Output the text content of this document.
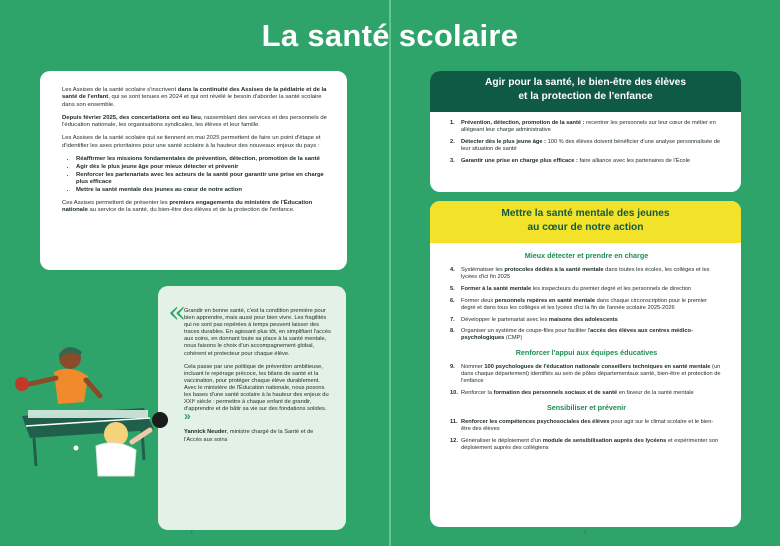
La santé scolaire

Les Assises de la santé scolaire s'inscrivent dans la continuité des Assises de la pédiatrie et de la santé de l'enfant, qui se sont tenues en 2024 et qui ont révélé le besoin d'aborder la santé scolaire dans son ensemble.

Depuis février 2025, des concertations ont eu lieu, rassemblant des services et des personnels de l'éducation nationale, les organisations syndicales, les élèves et leur famille.

Les Assises de la santé scolaire qui se tiennent en mai 2025 permettent de faire un point d'étape et d'identifier les axes prioritaires pour une santé scolaire à la hauteur des nouveaux enjeux du pays :

• Réaffirmer les missions fondamentales de prévention, détection, promotion de la santé
• Agir dès le plus jeune âge pour mieux détecter et prévenir
• Renforcer les partenariats avec les acteurs de la santé pour garantir une prise en charge plus efficace
• Mettre la santé mentale des jeunes au cœur de notre action

Ces Assises permettent de présenter les premiers engagements du ministère de l'Éducation nationale au service de la santé, du bien-être des élèves et de la protection de l'enfance.

«

Grandir en bonne santé, c'est la condition première pour bien apprendre, mais aussi pour bien vivre. Les fragilités qui ne sont pas repérées à temps peuvent laisser des traces durables. En agissant plus tôt, en simplifiant l'accès aux soins, en donnant toute sa place à la santé mentale, nous faisons le choix d'un accompagnement global, cohérent et protecteur pour chaque élève.

Cela passe par une politique de prévention ambitieuse, incluant le repérage précoce, les bilans de santé et la vaccination, pour protéger chaque élève durablement. Avec le ministère de l'Éducation nationale, nous posons les bases d'une santé scolaire à la hauteur des enjeux du XXIᵉ siècle : permettre à chaque enfant de grandir, d'apprendre et de bâtir sa vie sur des fondations solides. »

Yannick Neuder, ministre chargé de la Santé et de l'Accès aux soins

4	5
Agir pour la santé, le bien-être des élèves
et la protection de l'enfance
1.	Prévention, détection, promotion de la santé : recentrer les personnels sur leur cœur de métier en allégeant leur charge administrative
2.	Détecter dès le plus jeune âge : 100 % des élèves doivent bénéficier d'une analyse personnalisée de leur situation de santé
3.	Garantir une prise en charge plus efficace : faire alliance avec les partenaires de l'École
Mettre la santé mentale des jeunes
au cœur de notre action
Mieux détecter et prendre en charge
4.	Systématiser les protocoles dédiés à la santé mentale dans toutes les écoles, les collèges et les lycées d'ici fin 2025
5.	Former à la santé mentale les inspecteurs du premier degré et les personnels de direction
6.	Former deux personnels repères en santé mentale dans chaque circonscription pour le premier degré et dans tous les collèges et les lycées d'ici la fin de l'année scolaire 2025-2026
7.	Développer le partenariat avec les maisons des adolescents
8.	Organiser un système de coupe-files pour faciliter l'accès des élèves aux centres médico-psychologiques (CMP)
Renforcer l'appui aux équipes éducatives
9.	Nommer 100 psychologues de l'éducation nationale conseillers techniques en santé mentale (un dans chaque département) identifiés au sein de pôles départementaux santé, bien-être et protection de l'enfance
10. Renforcer la formation des personnels sociaux et de santé en faveur de la santé mentale
Sensibiliser et prévenir
11. Renforcer les compétences psychosociales des élèves pour agir sur le climat scolaire et le bien-être des élèves
12. Généraliser le déploiement d'un module de sensibilisation auprès des lycéens et expérimenter son déploiement auprès des collégiens
